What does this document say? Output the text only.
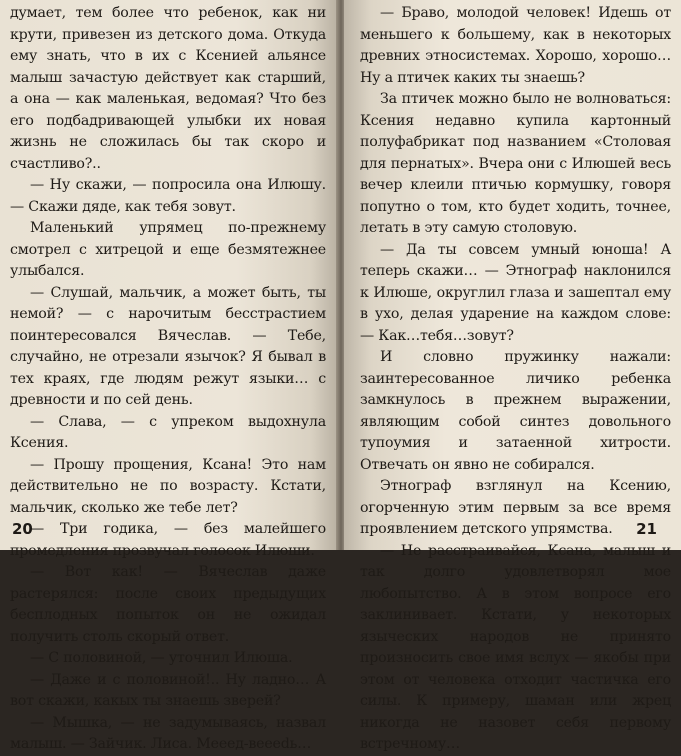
думает, тем более что ребенок, как ни крути, привезен из детского дома. Откуда ему знать, что в их с Ксенией альянсе малыш зачастую действует как старший, а она — как маленькая, ведомая? Что без его подбадривающей улыбки их новая жизнь не сложилась бы так скоро и счастливо?..

— Ну скажи, — попросила она Илюшу. — Скажи дяде, как тебя зовут.

Маленький упрямец по-прежнему смотрел с хитрецой и еще безмятежнее улыбался.

— Слушай, мальчик, а может быть, ты немой? — с нарочитым бесстрастием поинтересовался Вячеслав. — Тебе, случайно, не отрезали язычок? Я бывал в тех краях, где людям режут языки… с древности и по сей день.

— Слава, — с упреком выдохнула Ксения.

— Прошу прощения, Ксана! Это нам действительно не по возрасту. Кстати, мальчик, сколько же тебе лет?

— Три годика, — без малейшего промедления прозвучал голосок Илюши.

— Вот как! — Вячеслав даже растерялся: после своих предыдущих бесплодных попыток он не ожидал получить столь скорый ответ.

— С половиной, — уточнил Илюша.

— Даже и с половиной!.. Ну ладно… А вот скажи, какых ты знаешь зверей?

— Мышка, — не задумываясь, назвал малыш. — Зайчик. Лиса. Мееед-веееdь…

20

— Браво, молодой человек! Идешь от меньшего к большему, как в некоторых древних этносистемах. Хорошо, хорошо… Ну а птичек каких ты знаешь?

За птичек можно было не волноваться: Ксения недавно купила картонный полуфабрикат под названием «Столовая для пернатых». Вчера они с Илюшей весь вечер клеили птичью кормушку, говоря попутно о том, кто будет ходить, точнее, летать в эту самую столовую.

— Да ты совсем умный юноша! А теперь скажи… — Этнограф наклонился к Илюше, округлил глаза и зашептал ему в ухо, делая ударение на каждом слове: — Как…тебя…зовут?

И словно пружинку нажали: заинтересованное личико ребенка замкнулось в прежнем выражении, являющим собой синтез довольного тупоумия и затаенной хитрости. Отвечать он явно не собирался.

Этнограф взглянул на Ксению, огорченную этим первым за все время проявлением детского упрямства.

— Не расстраивайся, Ксана, малыш и так долго удовлетворял мое любопытство. А в этом вопросе его заклинивает. Кстати, у некоторых языческих народов не принято произносить свое имя вслух — якобы при этом от человека отходит частичка его силы. К примеру, шаман или жрец никогда не назовет себя первому встречному…

21
